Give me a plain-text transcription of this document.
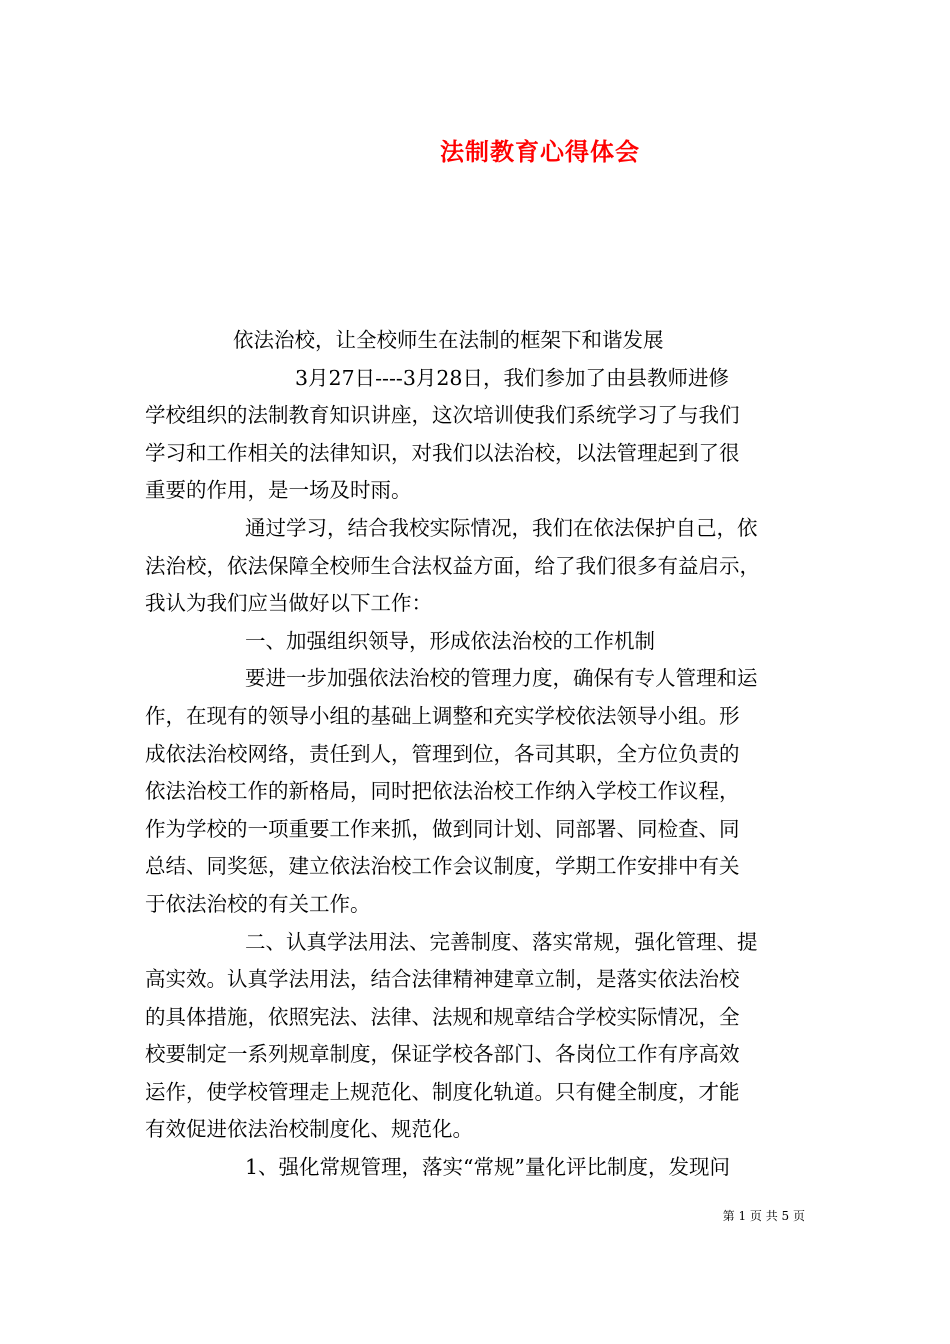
法制教育心得体会
依法治校，让全校师生在法制的框架下和谐发展
3月27日----3月28日，我们参加了由县教师进修
学校组织的法制教育知识讲座，这次培训使我们系统学习了与我们
学习和工作相关的法律知识，对我们以法治校，以法管理起到了很
重要的作用，是一场及时雨。
通过学习，结合我校实际情况，我们在依法保护自己，依
法治校，依法保障全校师生合法权益方面，给了我们很多有益启示，
我认为我们应当做好以下工作：
一、加强组织领导，形成依法治校的工作机制
要进一步加强依法治校的管理力度，确保有专人管理和运
作，在现有的领导小组的基础上调整和充实学校依法领导小组。形
成依法治校网络，责任到人，管理到位，各司其职，全方位负责的
依法治校工作的新格局，同时把依法治校工作纳入学校工作议程，
作为学校的一项重要工作来抓，做到同计划、同部署、同检查、同
总结、同奖惩，建立依法治校工作会议制度，学期工作安排中有关
于依法治校的有关工作。
二、认真学法用法、完善制度、落实常规，强化管理、提
高实效。认真学法用法，结合法律精神建章立制，是落实依法治校
的具体措施，依照宪法、法律、法规和规章结合学校实际情况，全
校要制定一系列规章制度，保证学校各部门、各岗位工作有序高效
运作，使学校管理走上规范化、制度化轨道。只有健全制度，才能
有效促进依法治校制度化、规范化。
1、强化常规管理，落实“常规”量化评比制度，发现问
第 1 页 共 5 页
